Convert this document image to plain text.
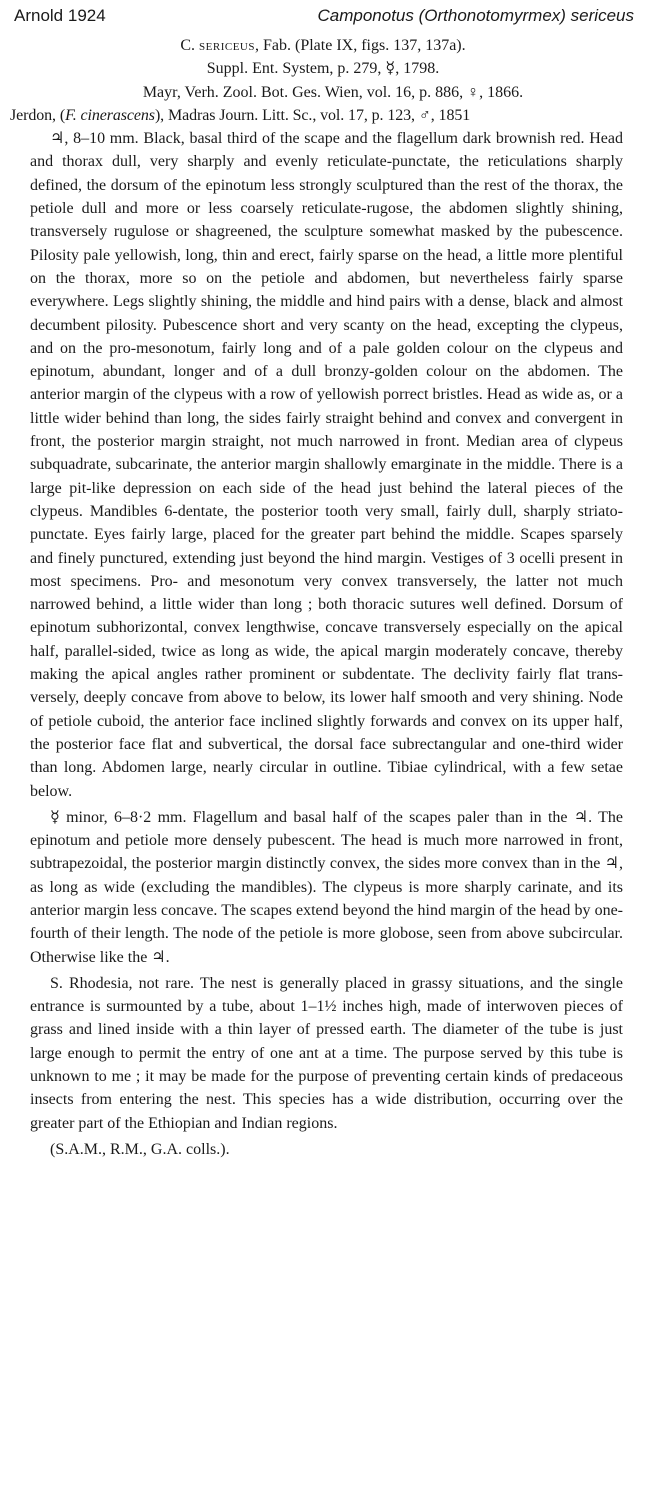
Arnold 1924	Camponotus (Orthonotomyrmex) sericeus
C. sericeus, Fab. (Plate IX, figs. 137, 137a).
Suppl. Ent. System, p. 279, ☿, 1798.
Mayr, Verh. Zool. Bot. Ges. Wien, vol. 16, p. 886, ♀, 1866.
Jerdon, (F. cinerascens), Madras Journ. Litt. Sc., vol. 17, p. 123, ♂, 1851

♃, 8–10 mm. Black, basal third of the scape and the flagellum dark brownish red. Head and thorax dull, very sharply and evenly reticulate-punctate, the reticulations sharply defined, the dorsum of the epinotum less strongly sculptured than the rest of the thorax, the petiole dull and more or less coarsely reticulate-rugose, the abdomen slightly shining, transversely rugulose or shagreened, the sculpture somewhat masked by the pubescence. Pilosity pale yellowish, long, thin and erect, fairly sparse on the head, a little more plentiful on the thorax, more so on the petiole and abdomen, but nevertheless fairly sparse everywhere. Legs slightly shining, the middle and hind pairs with a dense, black and almost decumbent pilosity. Pubescence short and very scanty on the head, excepting the clypeus, and on the pro-mesonotum, fairly long and of a pale golden colour on the clypeus and epinotum, abundant, longer and of a dull bronzy-golden colour on the abdomen. The anterior margin of the clypeus with a row of yellowish porrect bristles. Head as wide as, or a little wider behind than long, the sides fairly straight behind and convex and convergent in front, the posterior margin straight, not much narrowed in front. Median area of clypeus subquadrate, subcarinate, the anterior margin shallowly emarginate in the middle. There is a large pit-like depression on each side of the head just behind the lateral pieces of the clypeus. Mandibles 6-dentate, the posterior tooth very small, fairly dull, sharply striato-punctate. Eyes fairly large, placed for the greater part behind the middle. Scapes sparsely and finely punctured, extending just beyond the hind margin. Vestiges of 3 ocelli present in most specimens. Pro- and mesonotum very convex transversely, the latter not much narrowed behind, a little wider than long ; both thoracic sutures well defined. Dorsum of epinotum subhorizontal, convex lengthwise, concave transversely especially on the apical half, parallel-sided, twice as long as wide, the apical margin moderately concave, thereby making the apical angles rather prominent or subdentate. The declivity fairly flat transversely, deeply concave from above to below, its lower half smooth and very shining. Node of petiole cuboid, the anterior face inclined slightly forwards and convex on its upper half, the posterior face flat and subvertical, the dorsal face subrectangular and one-third wider than long. Abdomen large, nearly circular in outline. Tibiae cylindrical, with a few setae below.

☿ minor, 6–8·2 mm. Flagellum and basal half of the scapes paler than in the ♃. The epinotum and petiole more densely pubescent. The head is much more narrowed in front, subtrapezoidal, the posterior margin distinctly convex, the sides more convex than in the ♃, as long as wide (excluding the mandibles). The clypeus is more sharply carinate, and its anterior margin less concave. The scapes extend beyond the hind margin of the head by one-fourth of their length. The node of the petiole is more globose, seen from above subcircular. Otherwise like the ♃.

S. Rhodesia, not rare. The nest is generally placed in grassy situations, and the single entrance is surmounted by a tube, about 1–1½ inches high, made of interwoven pieces of grass and lined inside with a thin layer of pressed earth. The diameter of the tube is just large enough to permit the entry of one ant at a time. The purpose served by this tube is unknown to me ; it may be made for the purpose of preventing certain kinds of predaceous insects from entering the nest. This species has a wide distribution, occurring over the greater part of the Ethiopian and Indian regions.

(S.A.M., R.M., G.A. colls.).
